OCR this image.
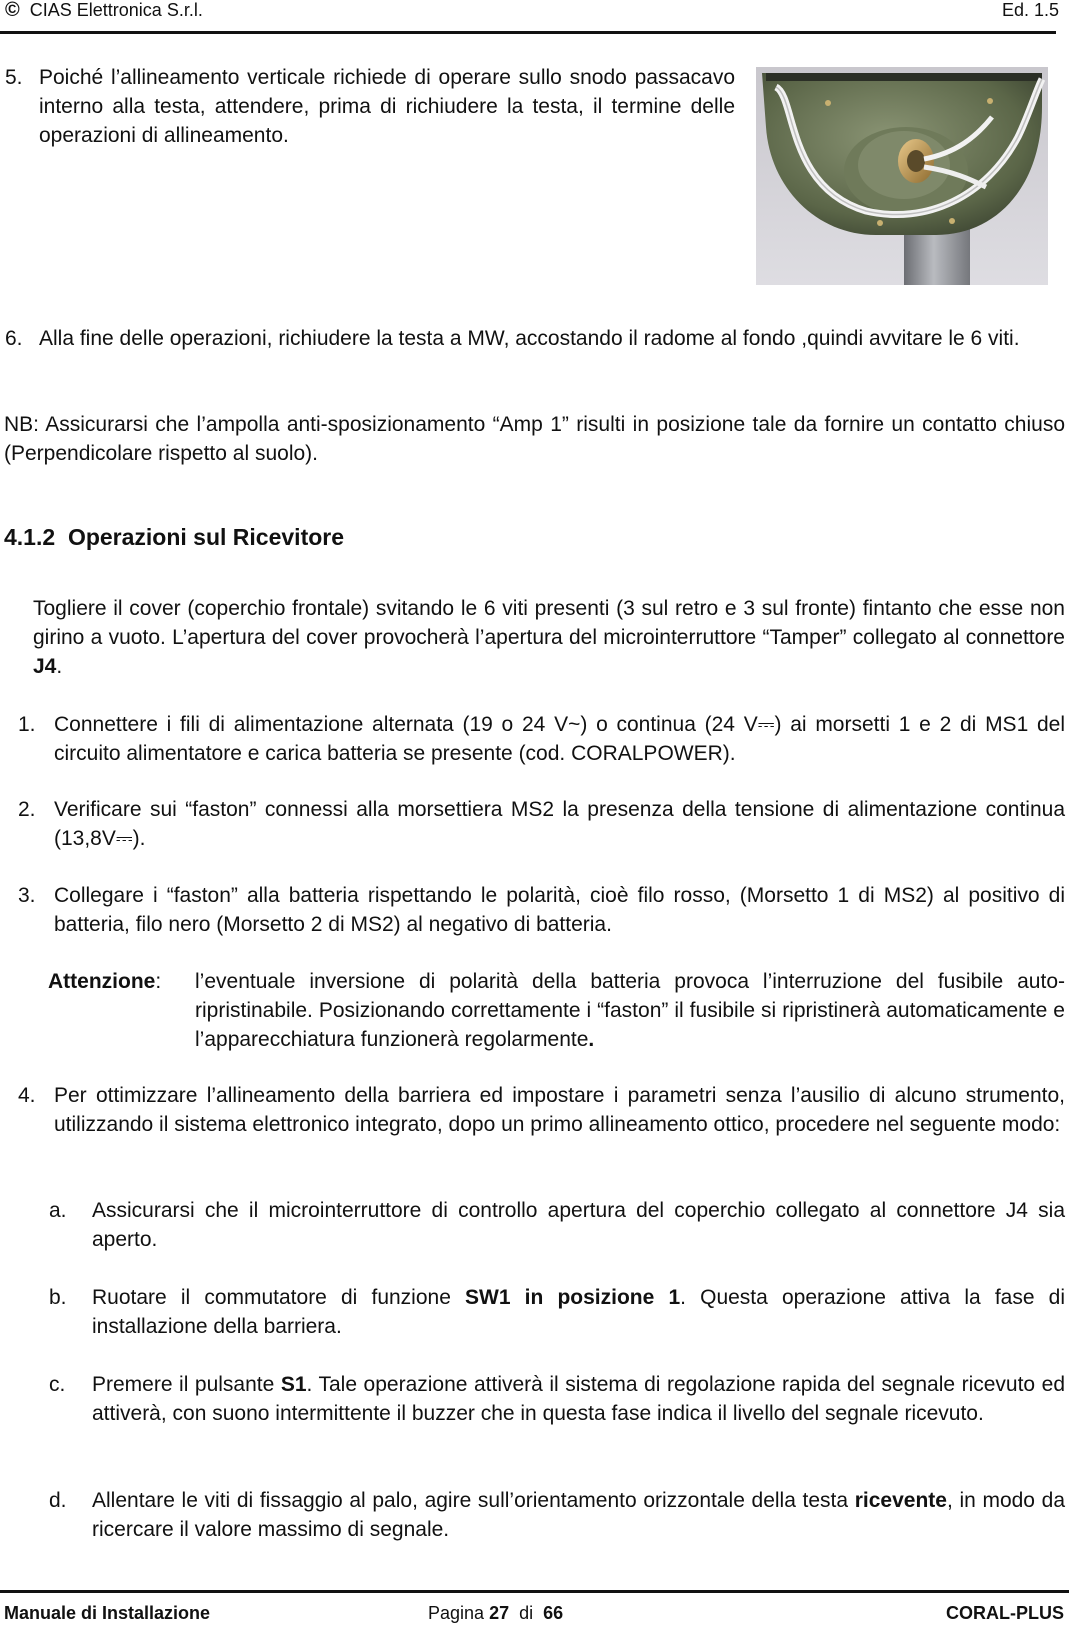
© CIAS Elettronica S.r.l.	Ed. 1.5
5. Poiché l’allineamento verticale richiede di operare sullo snodo passacavo interno alla testa, attendere, prima di richiudere la testa, il termine delle operazioni di allineamento.
6. Alla fine delle operazioni, richiudere la testa a MW, accostando il radome al fondo ,quindi avvitare le 6 viti.
NB: Assicurarsi che l’ampolla anti-sposizionamento “Amp 1” risulti in posizione tale da fornire un contatto chiuso (Perpendicolare rispetto al suolo).
4.1.2 Operazioni sul Ricevitore
Togliere il cover (coperchio frontale) svitando le 6 viti presenti (3 sul retro e 3 sul fronte) fintanto che esse non girino a vuoto. L’apertura del cover provocherà l’apertura del microinterruttore “Tamper” collegato al connettore J4.
1. Connettere i fili di alimentazione alternata (19 o 24 V~) o continua (24 V⎓) ai morsetti 1 e 2 di MS1 del circuito alimentatore e carica batteria se presente (cod. CORALPOWER).
2. Verificare sui “faston” connessi alla morsettiera MS2 la presenza della tensione di alimentazione continua (13,8V⎓).
3. Collegare i “faston” alla batteria rispettando le polarità, cioè filo rosso, (Morsetto 1 di MS2) al positivo di batteria, filo nero (Morsetto 2 di MS2) al negativo di batteria.
Attenzione: l’eventuale inversione di polarità della batteria provoca l’interruzione del fusibile auto-ripristinabile. Posizionando correttamente i “faston” il fusibile si ripristinerà automaticamente e l’apparecchiatura funzionerà regolarmente.
4. Per ottimizzare l’allineamento della barriera ed impostare i parametri senza l’ausilio di alcuno strumento, utilizzando il sistema elettronico integrato, dopo un primo allineamento ottico, procedere nel seguente modo:
a. Assicurarsi che il microinterruttore di controllo apertura del coperchio collegato al connettore J4 sia aperto.
b. Ruotare il commutatore di funzione SW1 in posizione 1. Questa operazione attiva la fase di installazione della barriera.
c. Premere il pulsante S1. Tale operazione attiverà il sistema di regolazione rapida del segnale ricevuto ed attiverà, con suono intermittente il buzzer che in questa fase indica il livello del segnale ricevuto.
d. Allentare le viti di fissaggio al palo, agire sull’orientamento orizzontale della testa ricevente, in modo da ricercare il valore massimo di segnale.
Manuale di Installazione	Pagina 27 di 66	CORAL-PLUS
